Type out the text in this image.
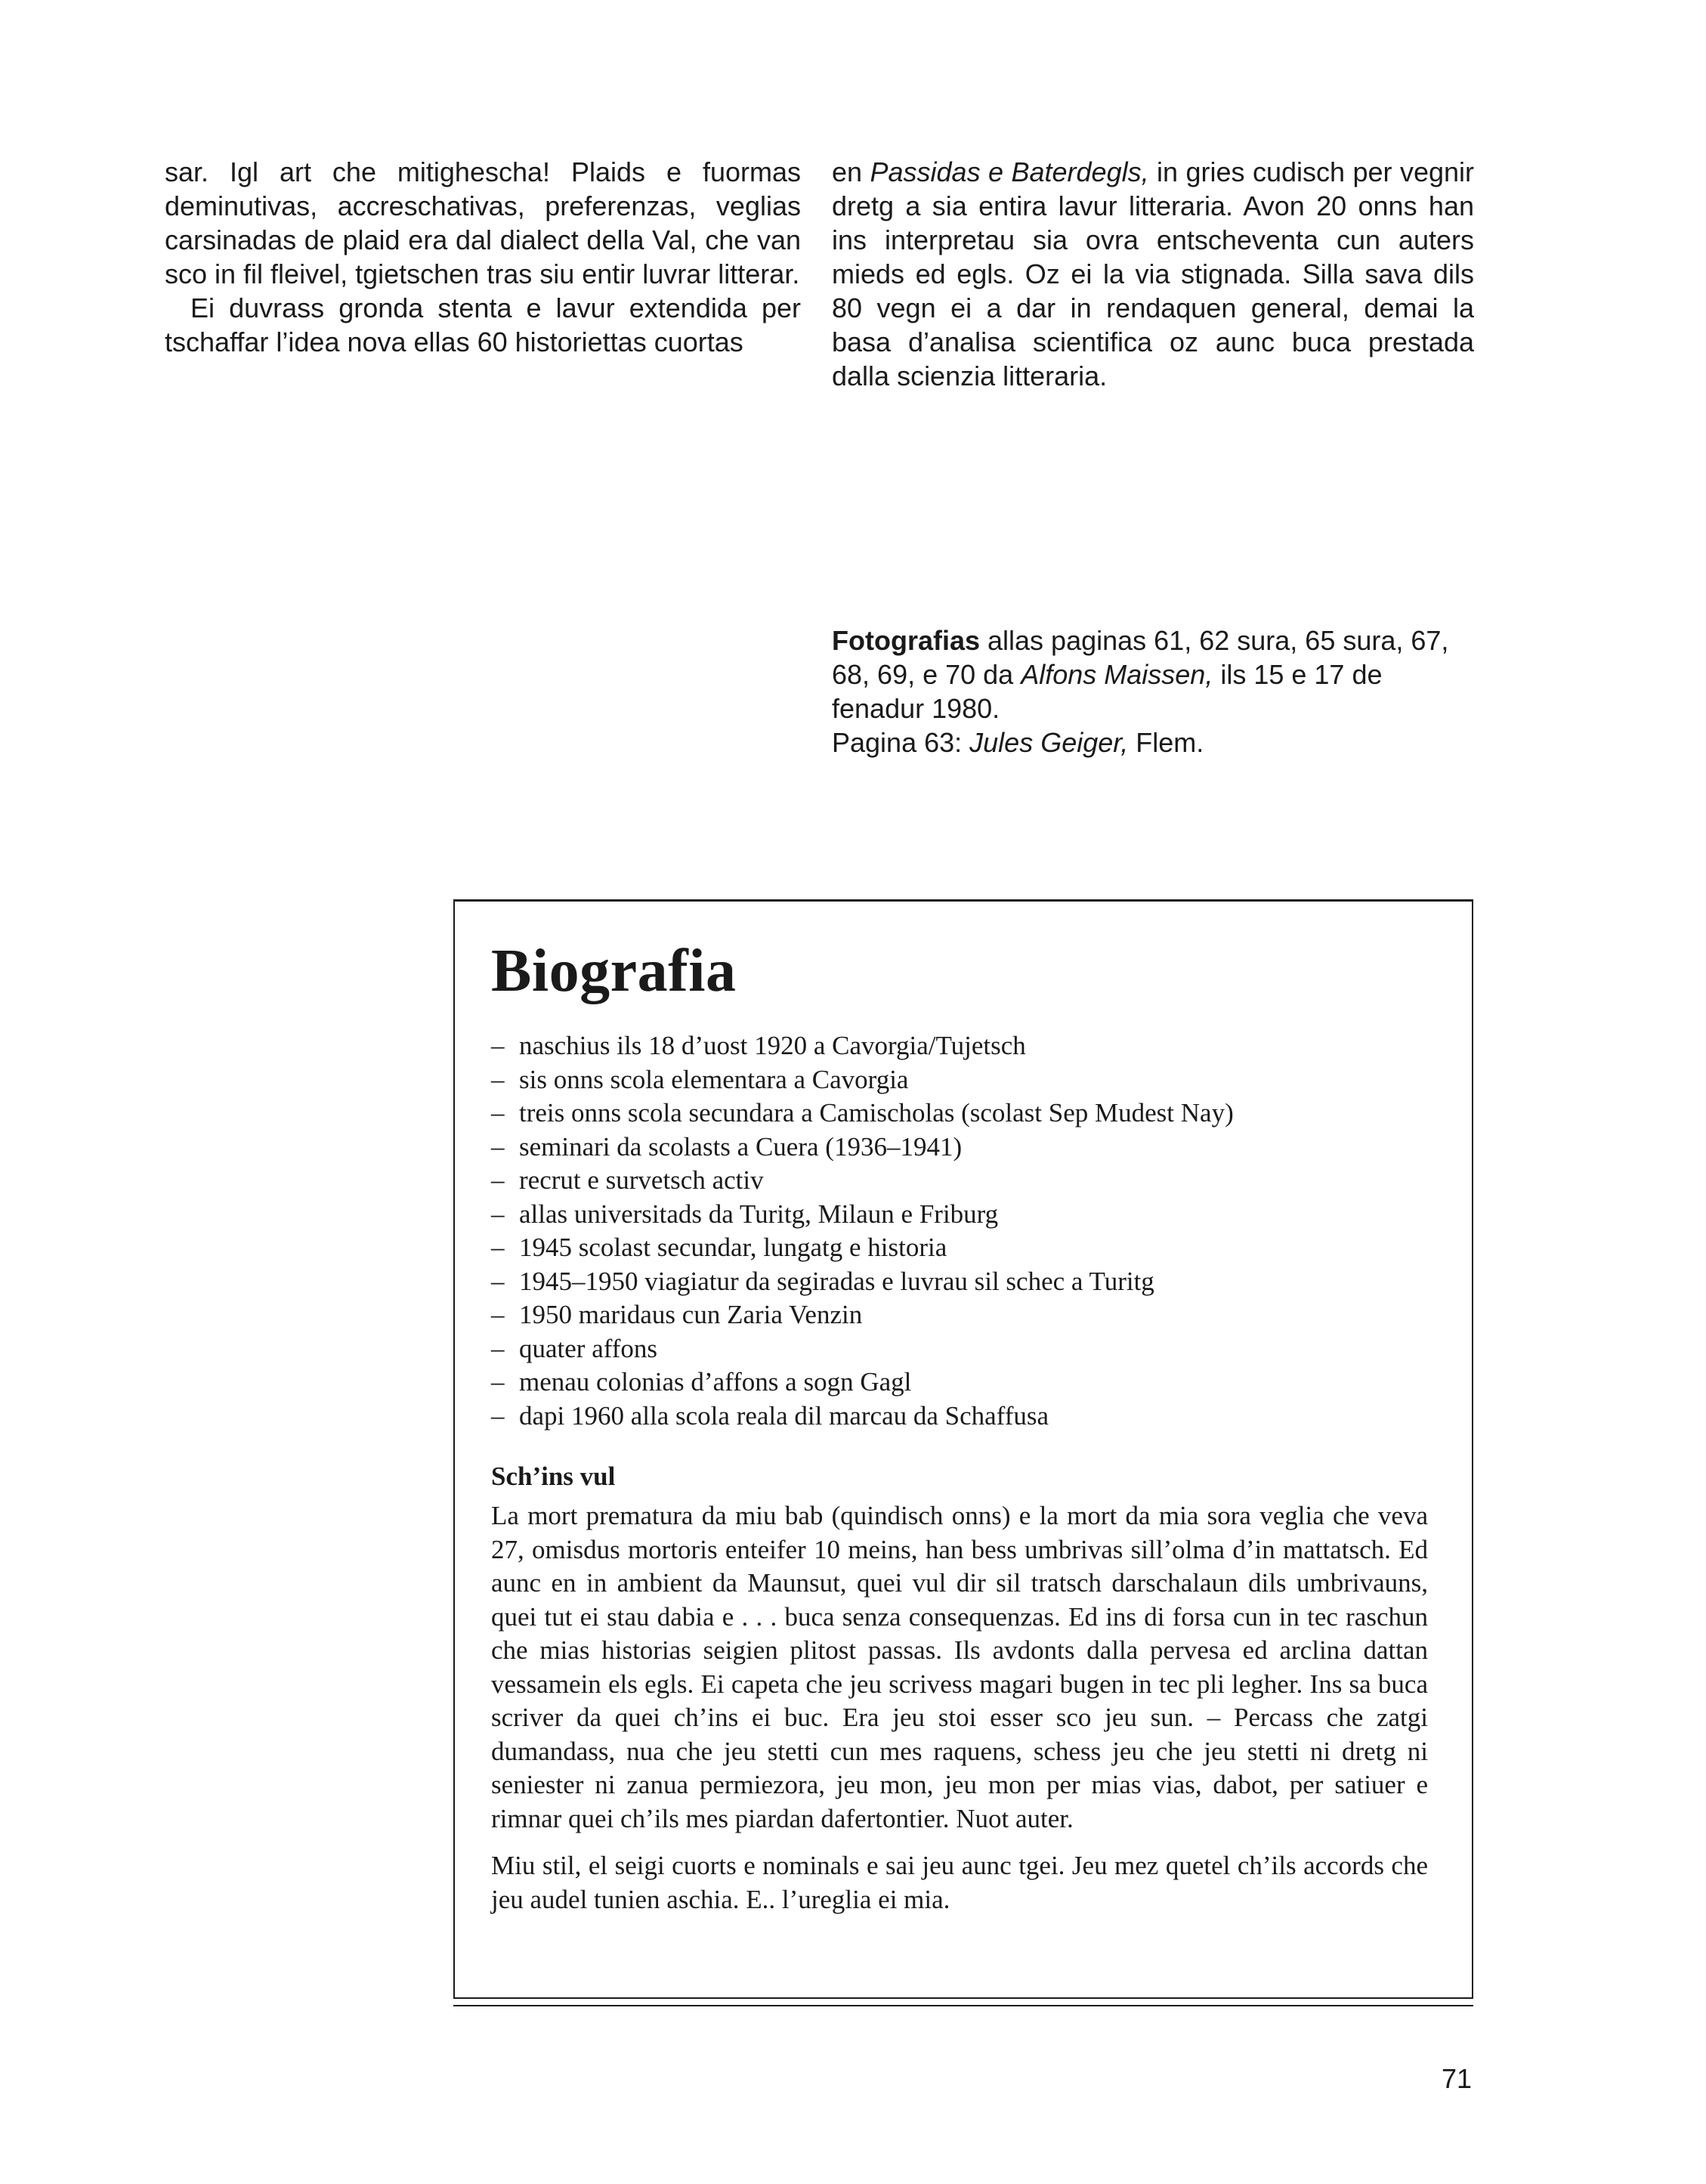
sar. Igl art che mitighescha! Plaids e fuormas deminutivas, accreschativas, preferenzas, veglias carsinadas de plaid era dal dialect della Val, che van sco in fil fleivel, tgietschen tras siu entir luvrar litterar.

Ei duvrass gronda stenta e lavur extendida per tschaffar l’idea nova ellas 60 historiettas cuortas

en Passidas e Baterdegls, in gries cudisch per vegnir dretg a sia entira lavur litteraria. Avon 20 onns han ins interpretau sia ovra entscheventa cun auters mieds ed egls. Oz ei la via stignada. Silla sava dils 80 vegn ei a dar in rendaquen general, demai la basa d’analisa scientifica oz aunc buca prestada dalla scienzia litteraria.

Fotografias allas paginas 61, 62 sura, 65 sura, 67, 68, 69, e 70 da Alfons Maissen, ils 15 e 17 de fenadur 1980.

Pagina 63: Jules Geiger, Flem.

Biografia
– naschius ils 18 d’uost 1920 a Cavorgia/Tujetsch
– sis onns scola elementara a Cavorgia
– treis onns scola secundara a Camischolas (scolast Sep Mudest Nay)
– seminari da scolasts a Cuera (1936–1941)
– recrut e survetsch activ
– allas universitads da Turitg, Milaun e Friburg
– 1945 scolast secundar, lungatg e historia
– 1945–1950 viagiatur da segiradas e luvrau sil schec a Turitg
– 1950 maridaus cun Zaria Venzin
– quater affons
– menau colonias d’affons a sogn Gagl
– dapi 1960 alla scola reala dil marcau da Schaffusa
Sch’ins vul

La mort prematura da miu bab (quindisch onns) e la mort da mia sora veglia che veva 27, omisdus mortoris enteifer 10 meins, han bess umbrivas sill’olma d’in mattatsch. Ed aunc en in ambient da Maunsut, quei vul dir sil tratsch darschalaun dils umbrivauns, quei tut ei stau dabia e . . . buca senza consequenzas. Ed ins di forsa cun in tec raschun che mias historias seigien plitost passas. Ils avdonts dalla pervesa ed arclina dattan vessamein els egls. Ei capeta che jeu scrivess magari bugen in tec pli legher. Ins sa buca scriver da quei ch’ins ei buc. Era jeu stoi esser sco jeu sun. – Percass che zatgi dumandass, nua che jeu stetti cun mes raquens, schess jeu che jeu stetti ni dretg ni seniester ni zanua permiezora, jeu mon, jeu mon per mias vias, dabot, per satiuer e rimnar quei ch’ils mes piardan dafertontier. Nuot auter.

Miu stil, el seigi cuorts e nominals e sai jeu aunc tgei. Jeu mez quetel ch’ils accords che jeu audel tunien aschia. E.. l’ureglia ei mia.

71
